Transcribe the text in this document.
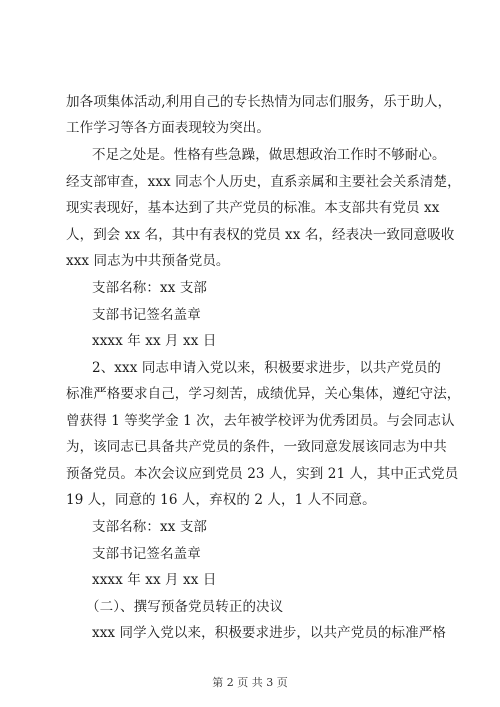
加各项集体活动,利用自己的专长热情为同志们服务，乐于助人，
工作学习等各方面表现较为突出。
不足之处是。性格有些急躁，做思想政治工作时不够耐心。
经支部审查，xxx 同志个人历史，直系亲属和主要社会关系清楚，
现实表现好，基本达到了共产党员的标准。本支部共有党员 xx
人，到会 xx 名，其中有表权的党员 xx 名，经表决一致同意吸收
xxx 同志为中共预备党员。
支部名称：xx 支部
支部书记签名盖章
xxxx 年 xx 月 xx 日
2、xxx 同志申请入党以来，积极要求进步，以共产党员的
标准严格要求自己，学习刻苦，成绩优异，关心集体，遵纪守法，
曾获得 1 等奖学金 1 次，去年被学校评为优秀团员。与会同志认
为，该同志已具备共产党员的条件，一致同意发展该同志为中共
预备党员。本次会议应到党员 23 人，实到 21 人，其中正式党员
19 人，同意的 16 人，弃权的 2 人，1 人不同意。
支部名称：xx 支部
支部书记签名盖章
xxxx 年 xx 月 xx 日
（二）、撰写预备党员转正的决议
xxx 同学入党以来，积极要求进步，以共产党员的标准严格
第 2 页 共 3 页
